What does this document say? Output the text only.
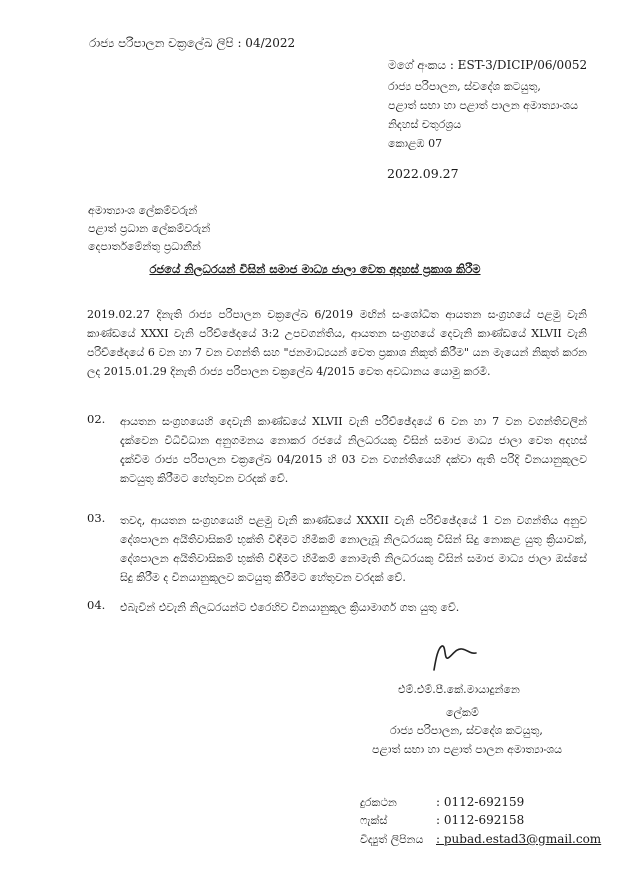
රාජ්‍ය පරිපාලන චක්‍රලේඛ ලිපි : 04/2022
මගේ අංකය : EST-3/DICIP/06/0052
රාජ්‍ය පරිපාලන, ස්වදේශ කටයුතු,
පළාත් සභා හා පළාත් පාලන අමාත්‍යාංශය
නිදහස් චතුරශ්‍රය
කොළඹ 07
2022.09.27
අමාත්‍යාංශ ලේකම්වරුන්
පළාත් ප්‍රධාන ලේකම්වරුන්
දෙපාර්තමේන්තු ප්‍රධානීන්
රජයේ නිලධරයන් විසින් සමාජ මාධ්‍ය ජාලා වෙත අදහස් ප්‍රකාශ කිරීම
2019.02.27 දිනැති රාජ්‍ය පරිපාලන චක්‍රලේඛ 6/2019 මඟින් සංශෝධිත ආයතන සංග්‍රහයේ පළමු වැනි කාණ්ඩයේ XXXI වැනි පරිච්ඡේදයේ 3:2 උපවගන්තිය, ආයතන සංග්‍රහයේ දෙවැනි කාණ්ඩයේ XLVII වැනි පරිච්ඡේදයේ 6 වන හා 7 වන වගන්ති සහ "ජනමාධ්‍යයන් වෙත ප්‍රකාශ නිකුත් කිරීම" යන මැයෙන් නිකුත් කරන ලද 2015.01.29 දිනැති රාජ්‍ය පරිපාලන චක්‍රලේඛ 4/2015 වෙත අවධානය යොමු කරමි.
02. ආයතන සංග්‍රහයෙහි දෙවැනි කාණ්ඩයේ XLVII වැනි පරිච්ඡේදයේ 6 වන හා 7 වන වගන්තිවලින් දැක්වෙන විධිවිධාන අනුගමනය නොකර රජයේ නිලධරයකු විසින් සමාජ මාධ්‍ය ජාලා වෙත අදහස් දැක්වීම රාජ්‍ය පරිපාලන චක්‍රලේඛ 04/2015 හි 03 වන වගන්තියෙහි දක්වා ඇති පරිදි විනයානුකූලව කටයුතු කිරීමට හේතුවන වරදක් වේ.
03. තවද, ආයතන සංග්‍රහයෙහි පළමු වැනි කාණ්ඩයේ XXXII වැනි පරිච්ඡේදයේ 1 වන වගන්තිය අනුව දේශපාලන අයිතිවාසිකම් භුක්ති විඳීමට හිමිකම් නොලැබූ නිලධරයකු විසින් සිදු නොකළ යුතු ක්‍රියාවක්, දේශපාලන අයිතිවාසිකම් භුක්ති විඳීමට හිමිකම් නොමැති නිලධරයකු විසින් සමාජ මාධ්‍ය ජාලා ඔස්සේ සිදු කිරීම ද විනයානුකූලව කටයුතු කිරීමට හේතුවන වරදක් වේ.
04. එබැවින් එවැනි නිලධරයන්ට එරෙහිව විනයානුකූල ක්‍රියාමාර්ග ගත යුතු වේ.
එම්.එම්.පී.කේ.මායාදුන්නෙ
ලේකම්
රාජ්‍ය පරිපාලන, ස්වදේශ කටයුතු,
පළාත් සභා හා පළාත් පාලන අමාත්‍යාංශය
දුරකථන	: 0112-692159
ෆැක්ස්	: 0112-692158
විද්‍යුත් ලිපිනය : pubad.estad3@gmail.com
